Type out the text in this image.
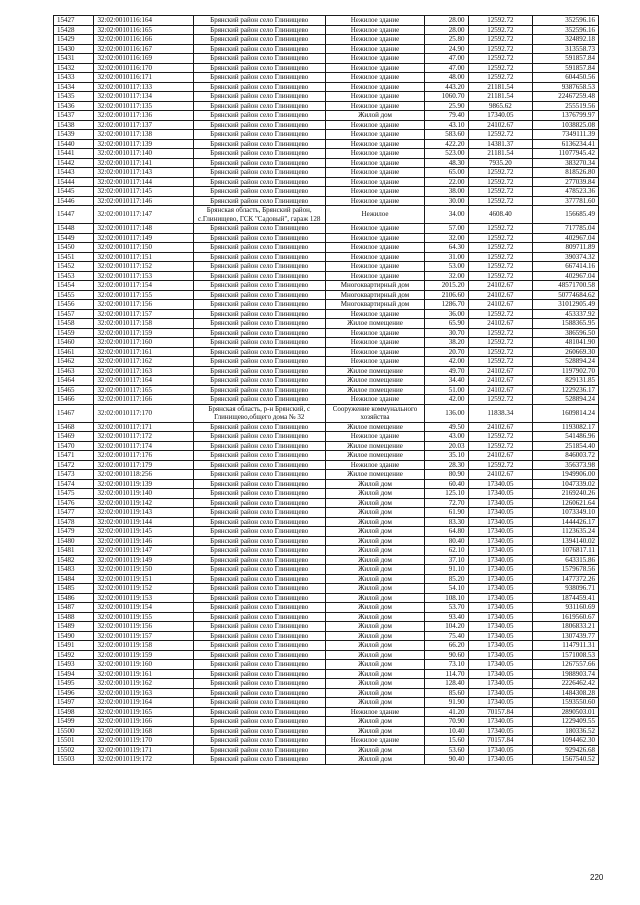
15427	32:02:0010116:164	Брянский район село Глинищево	Нежилое здание	28.00	12592.72	352596.16
15428	32:02:0010116:165	Брянский район село Глинищево	Нежилое здание	28.00	12592.72	352596.16
15429	32:02:0010116:166	Брянский район село Глинищево	Нежилое здание	25.80	12592.72	324892.18
15430	32:02:0010116:167	Брянский район село Глинищево	Нежилое здание	24.90	12592.72	313558.73
15431	32:02:0010116:169	Брянский район село Глинищево	Нежилое здание	47.00	12592.72	591857.84
15432	32:02:0010116:170	Брянский район село Глинищево	Нежилое здание	47.00	12592.72	591857.84
15433	32:02:0010116:171	Брянский район село Глинищево	Нежилое здание	48.00	12592.72	604450.56
15434	32:02:0010117:133	Брянский район село Глинищево	Нежилое здание	443.20	21181.54	9387658.53
15435	32:02:0010117:134	Брянский район село Глинищево	Нежилое здание	1060.70	21181.54	22467259.48
15436	32:02:0010117:135	Брянский район село Глинищево	Нежилое здание	25.90	9865.62	255519.56
15437	32:02:0010117:136	Брянский район село Глинищево	Жилой дом	79.40	17340.05	1376799.97
15438	32:02:0010117:137	Брянский район село Глинищево	Нежилое здание	43.10	24102.67	1038825.08
15439	32:02:0010117:138	Брянский район село Глинищево	Нежилое здание	583.60	12592.72	7349111.39
15440	32:02:0010117:139	Брянский район село Глинищево	Нежилое здание	422.20	14381.37	6136234.41
15441	32:02:0010117:140	Брянский район село Глинищево	Нежилое здание	523.00	21181.54	11077945.42
15442	32:02:0010117:141	Брянский район село Глинищево	Нежилое здание	48.30	7935.20	383270.34
15443	32:02:0010117:143	Брянский район село Глинищево	Нежилое здание	65.00	12592.72	818526.80
15444	32:02:0010117:144	Брянский район село Глинищево	Нежилое здание	22.00	12592.72	277039.84
15445	32:02:0010117:145	Брянский район село Глинищево	Нежилое здание	38.00	12592.72	478523.36
15446	32:02:0010117:146	Брянский район село Глинищево	Нежилое здание	30.00	12592.72	377781.60
15447	32:02:0010117:147	Брянская область, Брянский район, с.Глинищево, ГСК "Садовый", гараж 128	Нежилое	34.00	4608.40	156685.49
15448	32:02:0010117:148	Брянский район село Глинищево	Нежилое здание	57.00	12592.72	717785.04
15449	32:02:0010117:149	Брянский район село Глинищево	Нежилое здание	32.00	12592.72	402967.04
15450	32:02:0010117:150	Брянский район село Глинищево	Нежилое здание	64.30	12592.72	809711.89
15451	32:02:0010117:151	Брянский район село Глинищево	Нежилое здание	31.00	12592.72	390374.32
15452	32:02:0010117:152	Брянский район село Глинищево	Нежилое здание	53.00	12592.72	667414.16
15453	32:02:0010117:153	Брянский район село Глинищево	Нежилое здание	32.00	12592.72	402967.04
15454	32:02:0010117:154	Брянский район село Глинищево	Многоквартирный дом	2015.20	24102.67	48571700.58
15455	32:02:0010117:155	Брянский район село Глинищево	Многоквартирный дом	2106.60	24102.67	50774684.62
15456	32:02:0010117:156	Брянский район село Глинищево	Многоквартирный дом	1286.70	24102.67	31012905.49
15457	32:02:0010117:157	Брянский район село Глинищево	Нежилое здание	36.00	12592.72	453337.92
15458	32:02:0010117:158	Брянский район село Глинищево	Жилое помещение	65.90	24102.67	1588365.95
15459	32:02:0010117:159	Брянский район село Глинищево	Нежилое здание	30.70	12592.72	386596.50
15460	32:02:0010117:160	Брянский район село Глинищево	Нежилое здание	38.20	12592.72	481041.90
15461	32:02:0010117:161	Брянский район село Глинищево	Нежилое здание	20.70	12592.72	260669.30
15462	32:02:0010117:162	Брянский район село Глинищево	Нежилое здание	42.00	12592.72	528894.24
15463	32:02:0010117:163	Брянский район село Глинищево	Жилое помещение	49.70	24102.67	1197902.70
15464	32:02:0010117:164	Брянский район село Глинищево	Жилое помещение	34.40	24102.67	829131.85
15465	32:02:0010117:165	Брянский район село Глинищево	Жилое помещение	51.00	24102.67	1229236.17
15466	32:02:0010117:166	Брянский район село Глинищево	Нежилое здание	42.00	12592.72	528894.24
15467	32:02:0010117:170	Брянская область, р-н Брянский, с Глинищево,общего дома № 32	Сооружение коммунального хозяйства	136.00	11838.34	1609814.24
15468	32:02:0010117:171	Брянский район село Глинищево	Жилое помещение	49.50	24102.67	1193082.17
15469	32:02:0010117:172	Брянский район село Глинищево	Нежилое здание	43.00	12592.72	541486.96
15470	32:02:0010117:174	Брянский район село Глинищево	Жилое помещение	20.03	12592.72	251854.40
15471	32:02:0010117:176	Брянский район село Глинищево	Жилое помещение	35.10	24102.67	846003.72
15472	32:02:0010117:179	Брянский район село Глинищево	Нежилое здание	28.30	12592.72	356373.98
15473	32:02:0010118:256	Брянский район село Глинищево	Жилое помещение	80.90	24102.67	1949906.00
15474	32:02:0010119:139	Брянский район село Глинищево	Жилой дом	60.40	17340.05	1047339.02
15475	32:02:0010119:140	Брянский район село Глинищево	Жилой дом	125.10	17340.05	2169240.26
15476	32:02:0010119:142	Брянский район село Глинищево	Жилой дом	72.70	17340.05	1260621.64
15477	32:02:0010119:143	Брянский район село Глинищево	Жилой дом	61.90	17340.05	1073349.10
15478	32:02:0010119:144	Брянский район село Глинищево	Жилой дом	83.30	17340.05	1444426.17
15479	32:02:0010119:145	Брянский район село Глинищево	Жилой дом	64.80	17340.05	1123635.24
15480	32:02:0010119:146	Брянский район село Глинищево	Жилой дом	80.40	17340.05	1394140.02
15481	32:02:0010119:147	Брянский район село Глинищево	Жилой дом	62.10	17340.05	1076817.11
15482	32:02:0010119:149	Брянский район село Глинищево	Жилой дом	37.10	17340.05	643315.86
15483	32:02:0010119:150	Брянский район село Глинищево	Жилой дом	91.10	17340.05	1579678.56
15484	32:02:0010119:151	Брянский район село Глинищево	Жилой дом	85.20	17340.05	1477372.26
15485	32:02:0010119:152	Брянский район село Глинищево	Жилой дом	54.10	17340.05	938096.71
15486	32:02:0010119:153	Брянский район село Глинищево	Жилой дом	108.10	17340.05	1874459.41
15487	32:02:0010119:154	Брянский район село Глинищево	Жилой дом	53.70	17340.05	931160.69
15488	32:02:0010119:155	Брянский район село Глинищево	Жилой дом	93.40	17340.05	1619560.67
15489	32:02:0010119:156	Брянский район село Глинищево	Жилой дом	104.20	17340.05	1806833.21
15490	32:02:0010119:157	Брянский район село Глинищево	Жилой дом	75.40	17340.05	1307439.77
15491	32:02:0010119:158	Брянский район село Глинищево	Жилой дом	66.20	17340.05	1147911.31
15492	32:02:0010119:159	Брянский район село Глинищево	Жилой дом	90.60	17340.05	1571008.53
15493	32:02:0010119:160	Брянский район село Глинищево	Жилой дом	73.10	17340.05	1267557.66
15494	32:02:0010119:161	Брянский район село Глинищево	Жилой дом	114.70	17340.05	1988903.74
15495	32:02:0010119:162	Брянский район село Глинищево	Жилой дом	128.40	17340.05	2226462.42
15496	32:02:0010119:163	Брянский район село Глинищево	Жилой дом	85.60	17340.05	1484308.28
15497	32:02:0010119:164	Брянский район село Глинищево	Жилой дом	91.90	17340.05	1593550.60
15498	32:02:0010119:165	Брянский район село Глинищево	Нежилое здание	41.20	70157.84	2890503.01
15499	32:02:0010119:166	Брянский район село Глинищево	Жилой дом	70.90	17340.05	1229409.55
15500	32:02:0010119:168	Брянский район село Глинищево	Жилой дом	10.40	17340.05	180336.52
15501	32:02:0010119:170	Брянский район село Глинищево	Нежилое здание	15.60	70157.84	1094462.30
15502	32:02:0010119:171	Брянский район село Глинищево	Жилой дом	53.60	17340.05	929426.68
15503	32:02:0010119:172	Брянский район село Глинищево	Жилой дом	90.40	17340.05	1567540.52
220
